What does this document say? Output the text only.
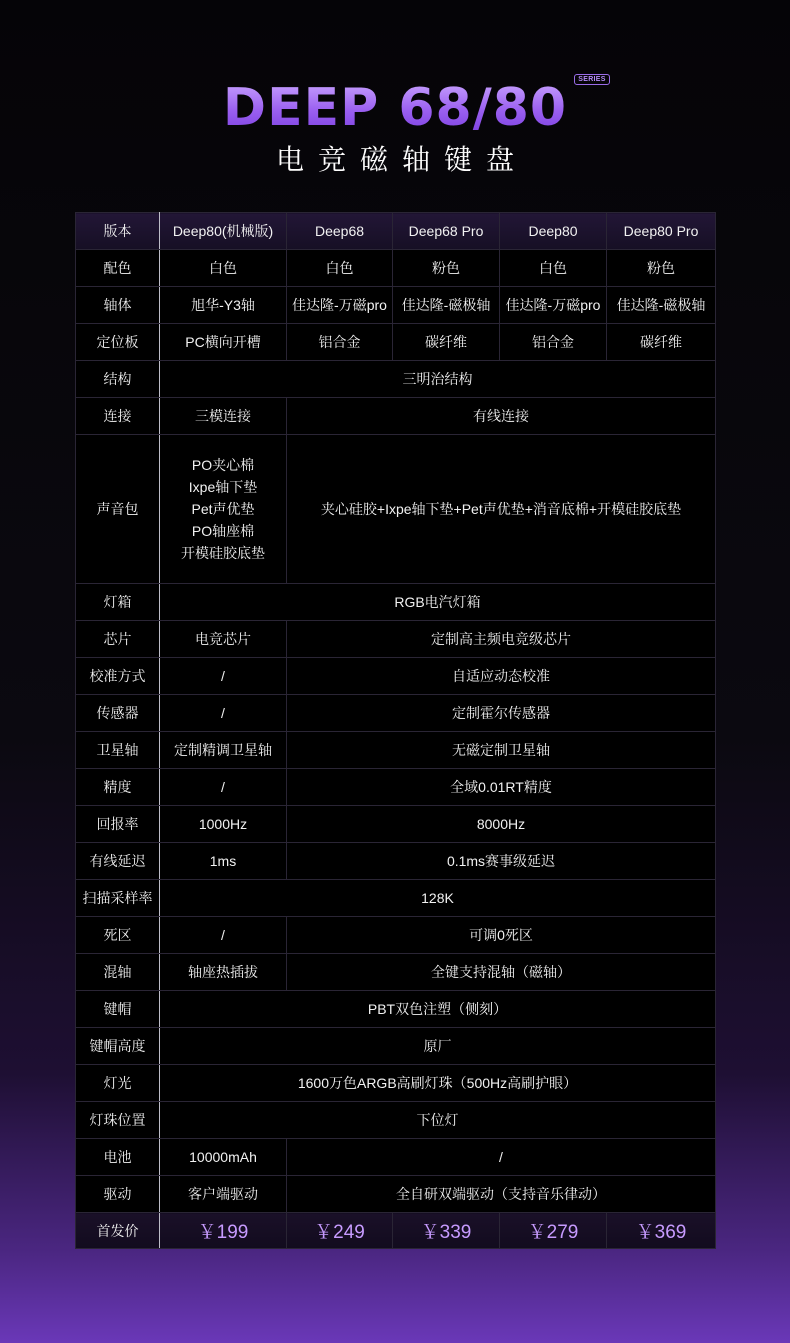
DEEP 68/80
电竞磁轴键盘
版本	Deep80(机械版)	Deep68	Deep68 Pro	Deep80	Deep80 Pro
配色	白色	白色	粉色	白色	粉色
轴体	旭华-Y3轴	佳达隆-万磁pro	佳达隆-磁极轴	佳达隆-万磁pro	佳达隆-磁极轴
定位板	PC横向开槽	铝合金	碳纤维	铝合金	碳纤维
结构	三明治结构				
连接	三模连接	有线连接			
声音包	PO夹心棉
Ixpe轴下垫
Pet声优垫
PO轴座棉
开模硅胶底垫	夹心硅胶+Ixpe轴下垫+Pet声优垫+消音底棉+开模硅胶底垫			
灯箱	RGB电汽灯箱				
芯片	电竞芯片	定制高主频电竞级芯片			
校准方式	/	自适应动态校准			
传感器	/	定制霍尔传感器			
卫星轴	定制精调卫星轴	无磁定制卫星轴			
精度	/	全域0.01RT精度			
回报率	1000Hz	8000Hz			
有线延迟	1ms	0.1ms赛事级延迟			
扫描采样率	128K				
死区	/	可调0死区			
混轴	轴座热插拔	全键支持混轴（磁轴）			
键帽	PBT双色注塑（侧刻）				
键帽高度	原厂				
灯光	1600万色ARGB高刷灯珠（500Hz高刷护眼）				
灯珠位置	下位灯				
电池	10000mAh	/			
驱动	客户端驱动	全自研双端驱动（支持音乐律动）			
首发价	￥199	￥249	￥339	￥279	￥369
